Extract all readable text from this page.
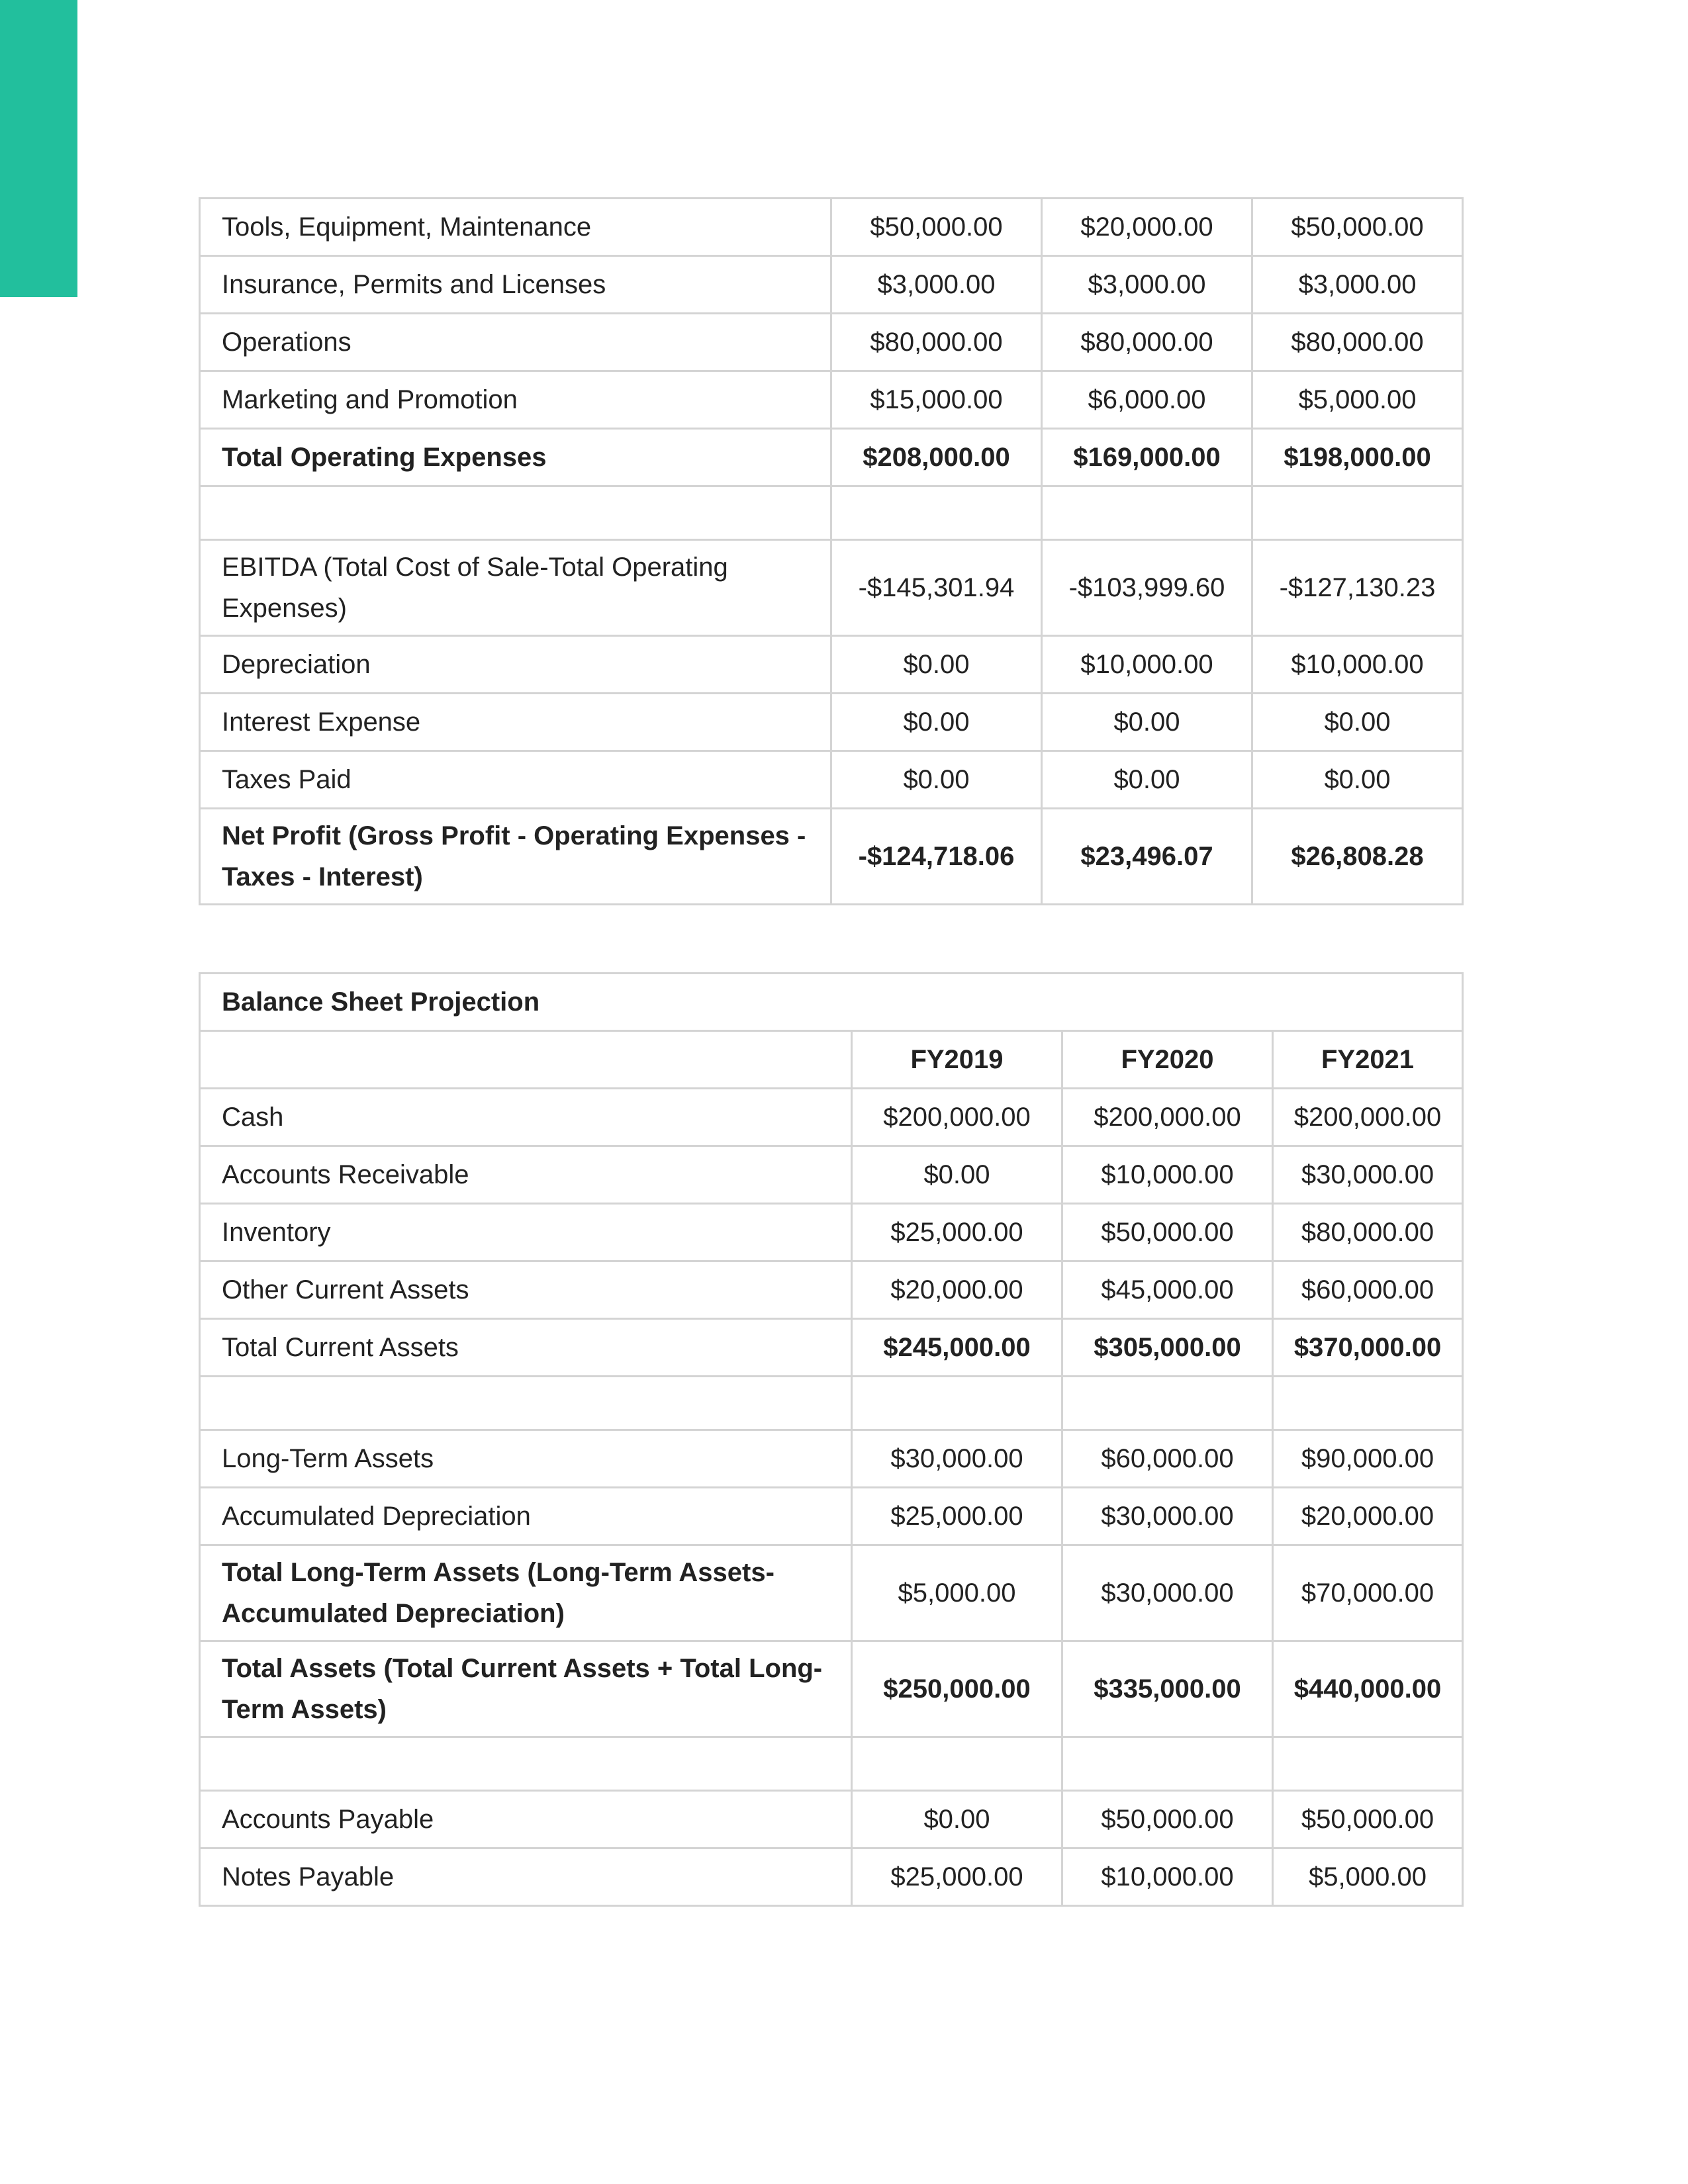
Tools, Equipment, Maintenance	$50,000.00	$20,000.00	$50,000.00
Insurance, Permits and Licenses	$3,000.00	$3,000.00	$3,000.00
Operations	$80,000.00	$80,000.00	$80,000.00
Marketing and Promotion	$15,000.00	$6,000.00	$5,000.00
Total Operating Expenses	$208,000.00	$169,000.00	$198,000.00

EBITDA (Total Cost of Sale-Total Operating Expenses)	-$145,301.94	-$103,999.60	-$127,130.23
Depreciation	$0.00	$10,000.00	$10,000.00
Interest Expense	$0.00	$0.00	$0.00
Taxes Paid	$0.00	$0.00	$0.00
Net Profit (Gross Profit - Operating Expenses - Taxes - Interest)	-$124,718.06	$23,496.07	$26,808.28
Balance Sheet Projection			
	FY2019	FY2020	FY2021
Cash	$200,000.00	$200,000.00	$200,000.00
Accounts Receivable	$0.00	$10,000.00	$30,000.00
Inventory	$25,000.00	$50,000.00	$80,000.00
Other Current Assets	$20,000.00	$45,000.00	$60,000.00
Total Current Assets	$245,000.00	$305,000.00	$370,000.00

Long-Term Assets	$30,000.00	$60,000.00	$90,000.00
Accumulated Depreciation	$25,000.00	$30,000.00	$20,000.00
Total Long-Term Assets (Long-Term Assets-Accumulated Depreciation)	$5,000.00	$30,000.00	$70,000.00
Total Assets (Total Current Assets + Total Long-Term Assets)	$250,000.00	$335,000.00	$440,000.00

Accounts Payable	$0.00	$50,000.00	$50,000.00
Notes Payable	$25,000.00	$10,000.00	$5,000.00
